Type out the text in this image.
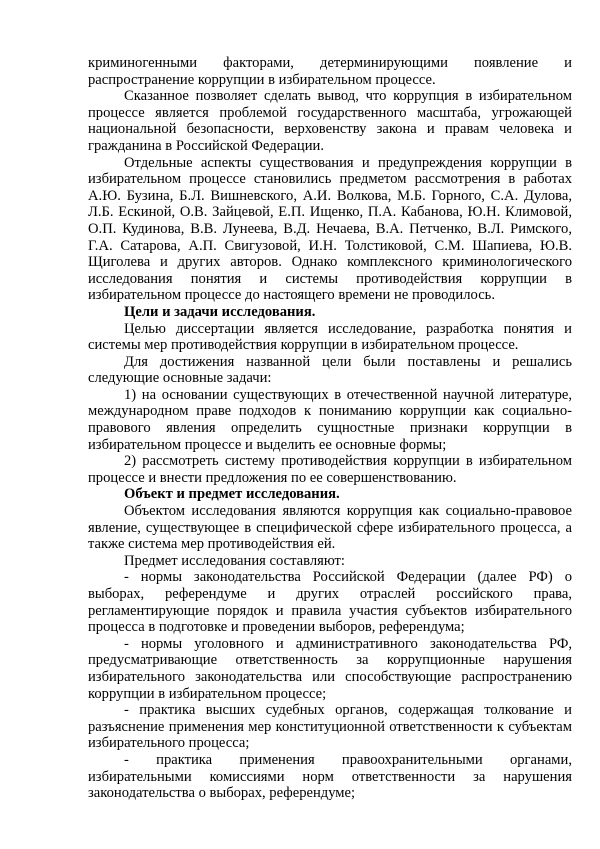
криминогенными факторами, детерминирующими появление и распространение коррупции в избирательном процессе.

Сказанное позволяет сделать вывод, что коррупция в избирательном процессе является проблемой государственного масштаба, угрожающей национальной безопасности, верховенству закона и правам человека и гражданина в Российской Федерации.

Отдельные аспекты существования и предупреждения коррупции в избирательном процессе становились предметом рассмотрения в работах А.Ю. Бузина, Б.Л. Вишневского, А.И. Волкова, М.Б. Горного, С.А. Дулова, Л.Б. Ескиной, О.В. Зайцевой, Е.П. Ищенко, П.А. Кабанова, Ю.Н. Климовой, О.П. Кудинова, В.В. Лунеева, В.Д. Нечаева, В.А. Петченко, В.Л. Римского, Г.А. Сатарова, А.П. Свигузовой, И.Н. Толстиковой, С.М. Шапиева, Ю.В. Щиголева и других авторов. Однако комплексного криминологического исследования понятия и системы противодействия коррупции в избирательном процессе до настоящего времени не проводилось.

Цели и задачи исследования.

Целью диссертации является исследование, разработка понятия и системы мер противодействия коррупции в избирательном процессе.

Для достижения названной цели были поставлены и решались следующие основные задачи:

1) на основании существующих в отечественной научной литературе, международном праве подходов к пониманию коррупции как социально-правового явления определить сущностные признаки коррупции в избирательном процессе и выделить ее основные формы;

2) рассмотреть систему противодействия коррупции в избирательном процессе и внести предложения по ее совершенствованию.

Объект и предмет исследования.

Объектом исследования являются коррупция как социально-правовое явление, существующее в специфической сфере избирательного процесса, а также система мер противодействия ей.

Предмет исследования составляют:

- нормы законодательства Российской Федерации (далее РФ) о выборах, референдуме и других отраслей российского права, регламентирующие порядок и правила участия субъектов избирательного процесса в подготовке и проведении выборов, референдума;

- нормы уголовного и административного законодательства РФ, предусматривающие ответственность за коррупционные нарушения избирательного законодательства или способствующие распространению коррупции в избирательном процессе;

- практика высших судебных органов, содержащая толкование и разъяснение применения мер конституционной ответственности к субъектам избирательного процесса;

- практика применения правоохранительными органами, избирательными комиссиями норм ответственности за нарушения законодательства о выборах, референдуме;
